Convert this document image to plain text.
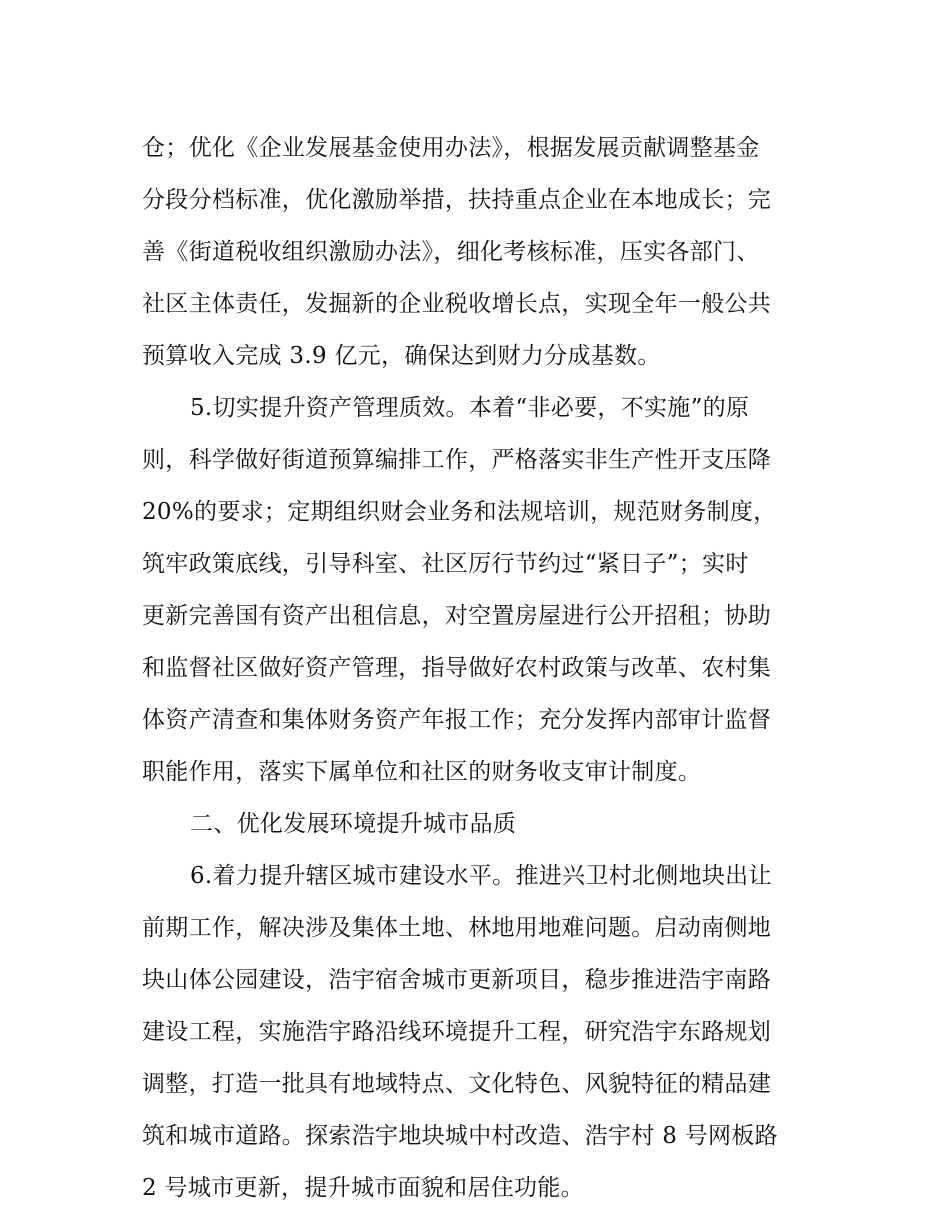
仓；优化《企业发展基金使用办法》，根据发展贡献调整基金
分段分档标准，优化激励举措，扶持重点企业在本地成长；完
善《街道税收组织激励办法》，细化考核标准，压实各部门、
社区主体责任，发掘新的企业税收增长点，实现全年一般公共
预算收入完成 3.9 亿元，确保达到财力分成基数。
5.切实提升资产管理质效。本着“非必要，不实施”的原
则，科学做好街道预算编排工作，严格落实非生产性开支压降
20%的要求；定期组织财会业务和法规培训，规范财务制度，
筑牢政策底线，引导科室、社区厉行节约过“紧日子”；实时
更新完善国有资产出租信息，对空置房屋进行公开招租；协助
和监督社区做好资产管理，指导做好农村政策与改革、农村集
体资产清查和集体财务资产年报工作；充分发挥内部审计监督
职能作用，落实下属单位和社区的财务收支审计制度。
二、优化发展环境提升城市品质
6.着力提升辖区城市建设水平。推进兴卫村北侧地块出让
前期工作，解决涉及集体土地、林地用地难问题。启动南侧地
块山体公园建设，浩宇宿舍城市更新项目，稳步推进浩宇南路
建设工程，实施浩宇路沿线环境提升工程，研究浩宇东路规划
调整，打造一批具有地域特点、文化特色、风貌特征的精品建
筑和城市道路。探索浩宇地块城中村改造、浩宇村 8 号网板路
2 号城市更新，提升城市面貌和居住功能。
